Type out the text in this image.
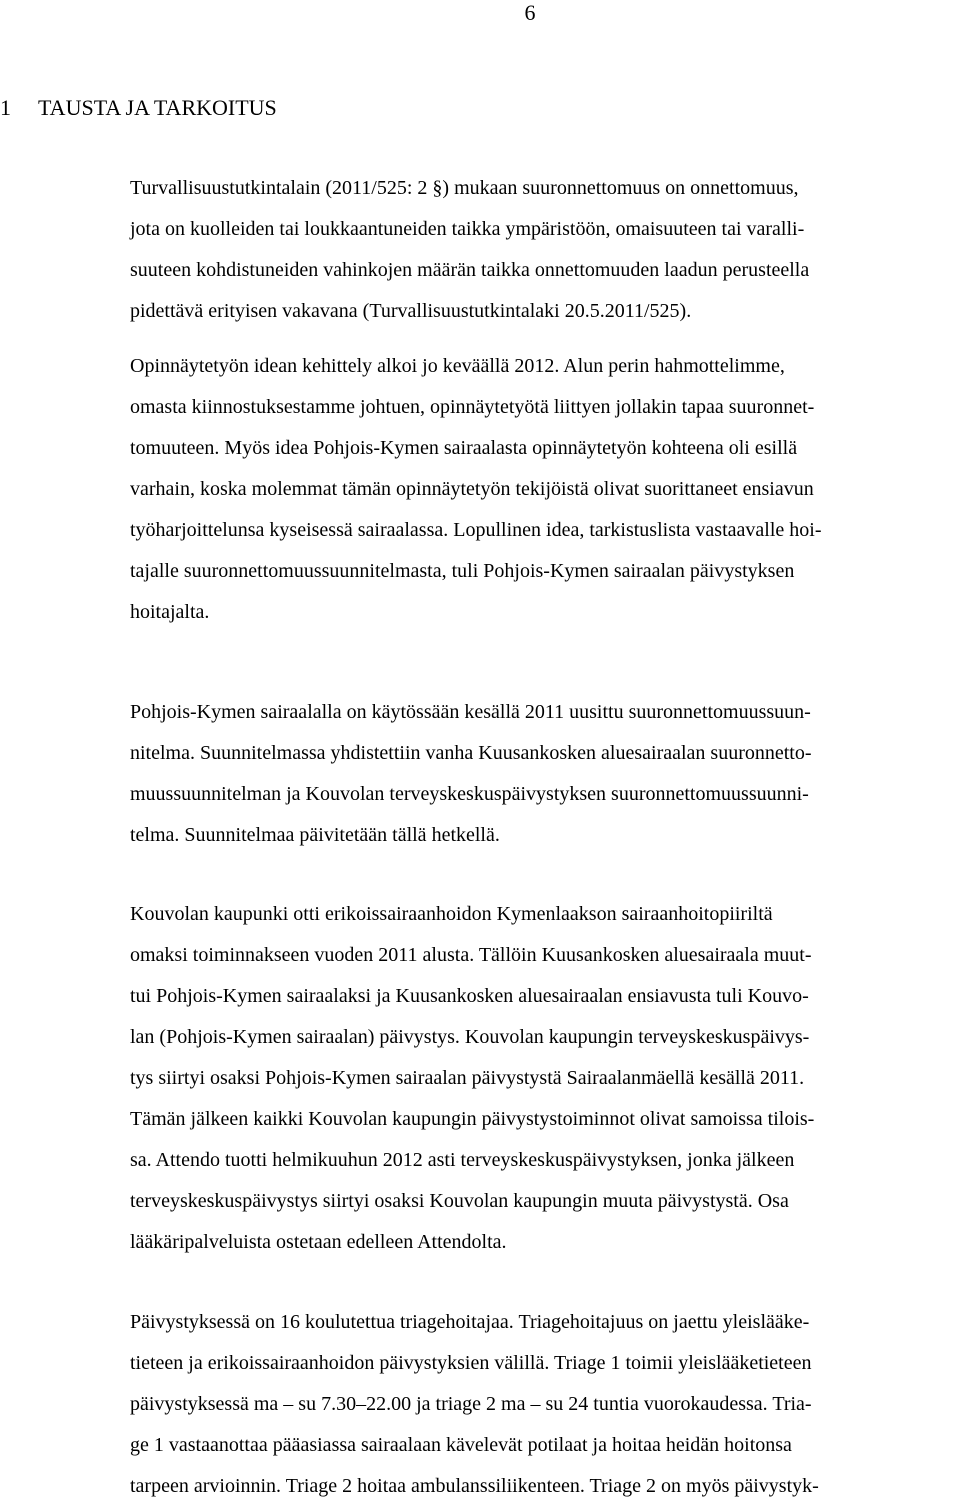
6
1 TAUSTA JA TARKOITUS
Turvallisuustutkintalain (2011/525: 2 §) mukaan suuronnettomuus on onnettomuus,
jota on kuolleiden tai loukkaantuneiden taikka ympäristöön, omaisuuteen tai varalli-
suuteen kohdistuneiden vahinkojen määrän taikka onnettomuuden laadun perusteella
pidettävä erityisen vakavana (Turvallisuustutkintalaki 20.5.2011/525).
Opinnäytetyön idean kehittely alkoi jo keväällä 2012. Alun perin hahmottelimme,
omasta kiinnostuksestamme johtuen, opinnäytetyötä liittyen jollakin tapaa suuronnet-
tomuuteen. Myös idea Pohjois-Kymen sairaalasta opinnäytetyön kohteena oli esillä
varhain, koska molemmat tämän opinnäytetyön tekijöistä olivat suorittaneet ensiavun
työharjoittelunsa kyseisessä sairaalassa. Lopullinen idea, tarkistuslista vastaavalle hoi-
tajalle suuronnettomuussuunnitelmasta, tuli Pohjois-Kymen sairaalan päivystyksen
hoitajalta.
Pohjois-Kymen sairaalalla on käytössään kesällä 2011 uusittu suuronnettomuussuun-
nitelma. Suunnitelmassa yhdistettiin vanha Kuusankosken aluesairaalan suuronnetto-
muussuunnitelman ja Kouvolan terveyskeskuspäivystyksen suuronnettomuussuunni-
telma. Suunnitelmaa päivitetään tällä hetkellä.
Kouvolan kaupunki otti erikoissairaanhoidon Kymenlaakson sairaanhoitopiiriltä
omaksi toiminnakseen vuoden 2011 alusta. Tällöin Kuusankosken aluesairaala muut-
tui Pohjois-Kymen sairaalaksi ja Kuusankosken aluesairaalan ensiavusta tuli Kouvo-
lan (Pohjois-Kymen sairaalan) päivystys. Kouvolan kaupungin terveyskeskuspäivys-
tys siirtyi osaksi Pohjois-Kymen sairaalan päivystystä Sairaalanmäellä kesällä 2011.
Tämän jälkeen kaikki Kouvolan kaupungin päivystystoiminnot olivat samoissa tilois-
sa. Attendo tuotti helmikuuhun 2012 asti terveyskeskuspäivystyksen, jonka jälkeen
terveyskeskuspäivystys siirtyi osaksi Kouvolan kaupungin muuta päivystystä. Osa
lääkäripalveluista ostetaan edelleen Attendolta.
Päivystyksessä on 16 koulutettua triagehoitajaa. Triagehoitajuus on jaettu yleislääke-
tieteen ja erikoissairaanhoidon päivystyksien välillä. Triage 1 toimii yleislääketieteen
päivystyksessä ma – su 7.30–22.00 ja triage 2 ma – su 24 tuntia vuorokaudessa. Tria-
ge 1 vastaanottaa pääasiassa sairaalaan kävelevät potilaat ja hoitaa heidän hoitonsa
tarpeen arvioinnin. Triage 2 hoitaa ambulanssiliikenteen. Triage 2 on myös päivystyk-
